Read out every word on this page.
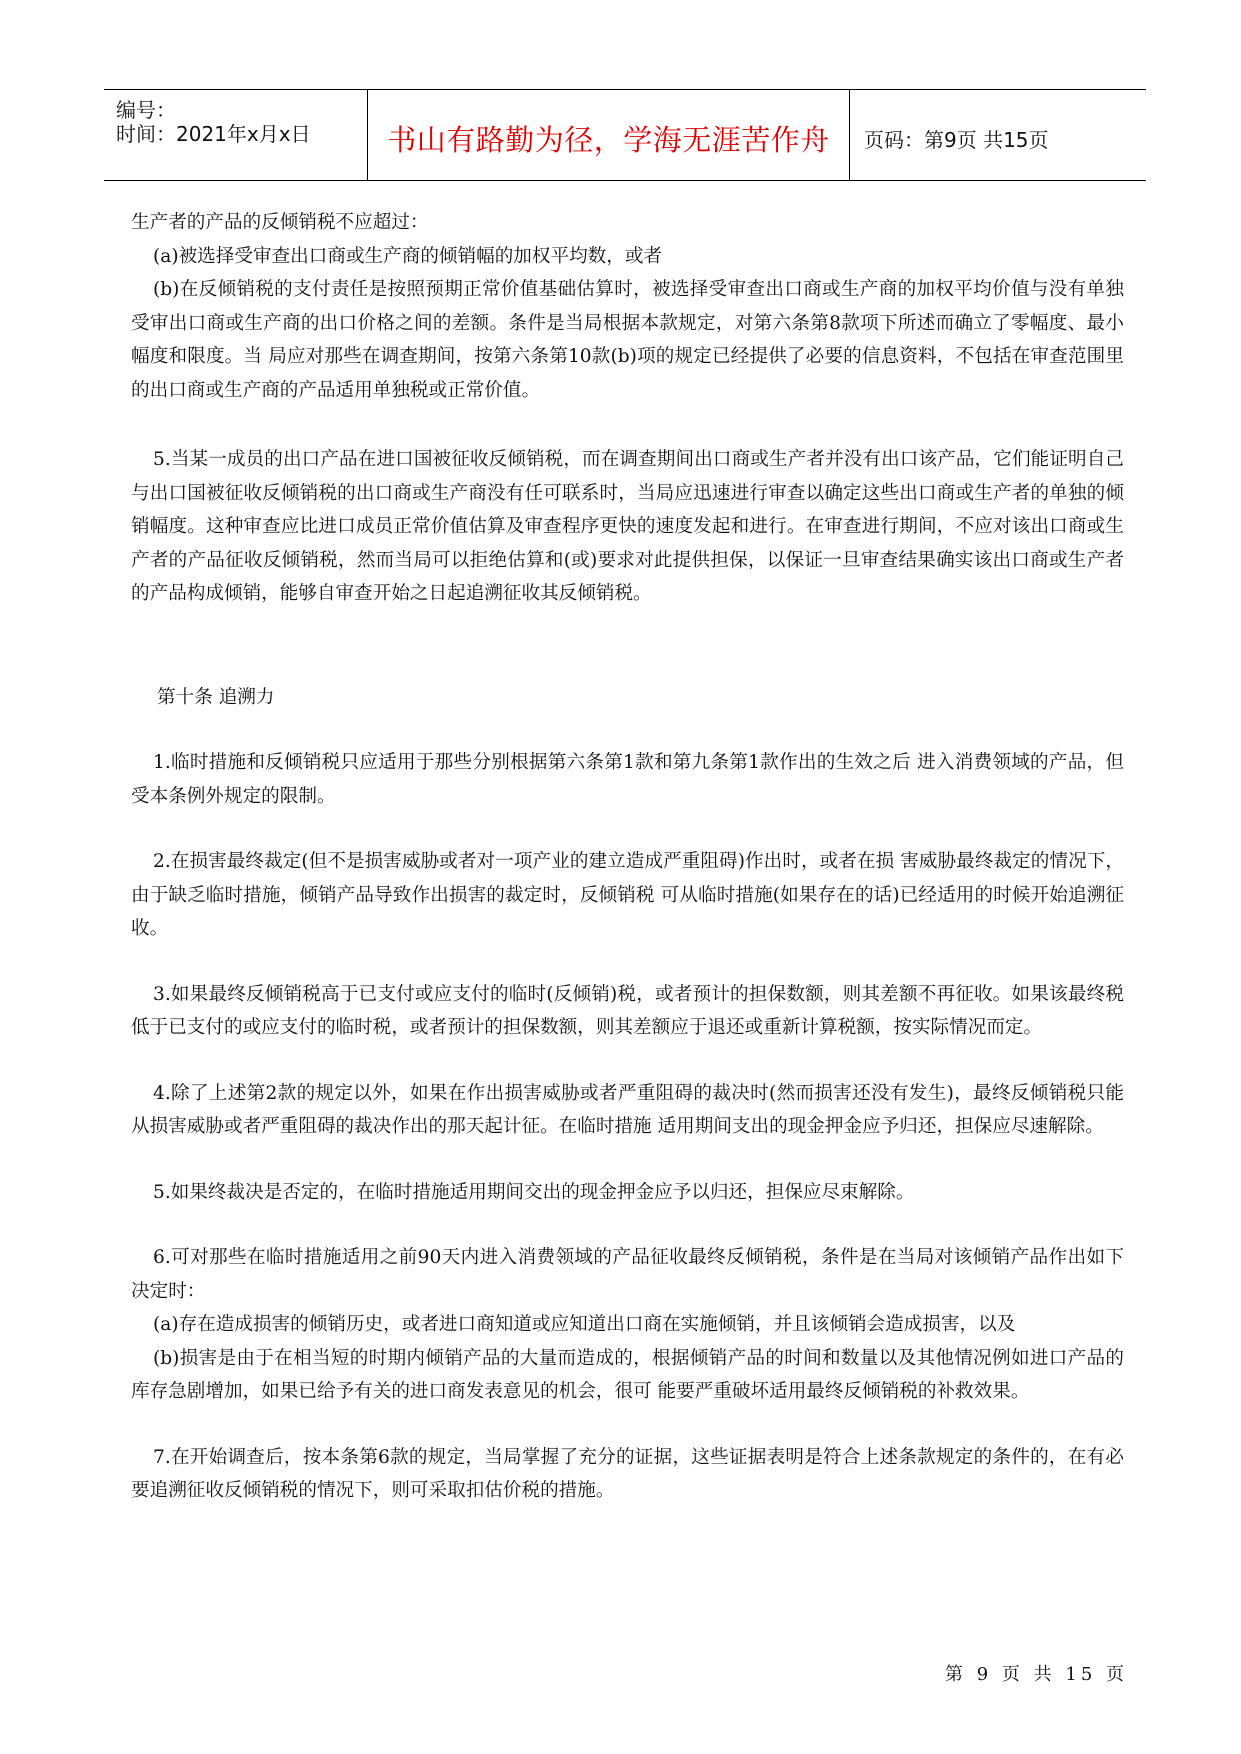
编号：
时间：2021年x月x日	书山有路勤为径，学海无涯苦作舟	页码：第9页 共15页

生产者的产品的反倾销税不应超过：

(a)被选择受审查出口商或生产商的倾销幅的加权平均数，或者

(b)在反倾销税的支付责任是按照预期正常价值基础估算时，被选择受审查出口商或生产商的加权平均价值与没有单独受审出口商或生产商的出口价格之间的差额。条件是当局根据本款规定，对第六条第8款项下所述而确立了零幅度、最小幅度和限度。当 局应对那些在调查期间，按第六条第10款(b)项的规定已经提供了必要的信息资料，不包括在审查范围里的出口商或生产商的产品适用单独税或正常价值。

5.当某一成员的出口产品在进口国被征收反倾销税，而在调查期间出口商或生产者并没有出口该产品，它们能证明自己与出口国被征收反倾销税的出口商或生产商没有任可联系时，当局应迅速进行审查以确定这些出口商或生产者的单独的倾销幅度。这种审查应比进口成员正常价值估算及审查程序更快的速度发起和进行。在审查进行期间，不应对该出口商或生产者的产品征收反倾销税，然而当局可以拒绝估算和(或)要求对此提供担保，以保证一旦审查结果确实该出口商或生产者的产品构成倾销，能够自审查开始之日起追溯征收其反倾销税。

第十条 追溯力

1.临时措施和反倾销税只应适用于那些分别根据第六条第1款和第九条第1款作出的生效之后 进入消费领域的产品，但受本条例外规定的限制。

2.在损害最终裁定(但不是损害威胁或者对一项产业的建立造成严重阻碍)作出时，或者在损 害威胁最终裁定的情况下，由于缺乏临时措施，倾销产品导致作出损害的裁定时，反倾销税 可从临时措施(如果存在的话)已经适用的时候开始追溯征收。

3.如果最终反倾销税高于已支付或应支付的临时(反倾销)税，或者预计的担保数额，则其差额不再征收。如果该最终税低于已支付的或应支付的临时税，或者预计的担保数额，则其差额应于退还或重新计算税额，按实际情况而定。

4.除了上述第2款的规定以外，如果在作出损害威胁或者严重阻碍的裁决时(然而损害还没有发生)，最终反倾销税只能从损害威胁或者严重阻碍的裁决作出的那天起计征。在临时措施 适用期间支出的现金押金应予归还，担保应尽速解除。

5.如果终裁决是否定的，在临时措施适用期间交出的现金押金应予以归还，担保应尽束解除。

6.可对那些在临时措施适用之前90天内进入消费领域的产品征收最终反倾销税，条件是在当局对该倾销产品作出如下决定时：

(a)存在造成损害的倾销历史，或者进口商知道或应知道出口商在实施倾销，并且该倾销会造成损害，以及

(b)损害是由于在相当短的时期内倾销产品的大量而造成的，根据倾销产品的时间和数量以及其他情况例如进口产品的库存急剧增加，如果已给予有关的进口商发表意见的机会，很可 能要严重破坏适用最终反倾销税的补救效果。

7.在开始调查后，按本条第6款的规定，当局掌握了充分的证据，这些证据表明是符合上述条款规定的条件的，在有必要追溯征收反倾销税的情况下，则可采取扣估价税的措施。

第 9 页 共 15 页
